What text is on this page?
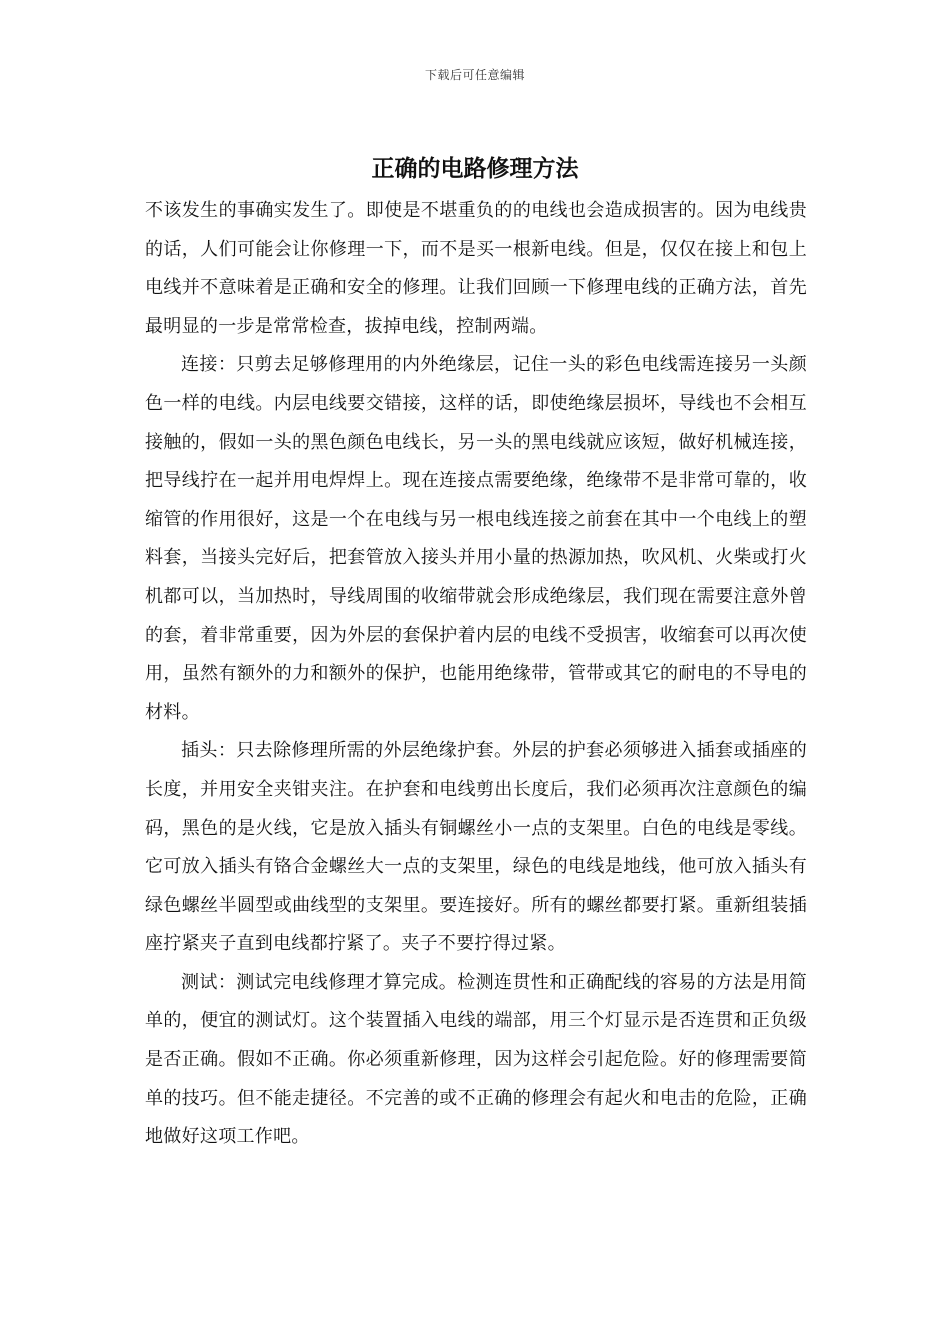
下载后可任意编辑
正确的电路修理方法

不该发生的事确实发生了。即使是不堪重负的的电线也会造成损害的。因为电线贵的话，人们可能会让你修理一下，而不是买一根新电线。但是，仅仅在接上和包上电线并不意味着是正确和安全的修理。让我们回顾一下修理电线的正确方法，首先最明显的一步是常常检查，拔掉电线，控制两端。

连接：只剪去足够修理用的内外绝缘层，记住一头的彩色电线需连接另一头颜色一样的电线。内层电线要交错接，这样的话，即使绝缘层损坏，导线也不会相互接触的，假如一头的黑色颜色电线长，另一头的黑电线就应该短，做好机械连接，把导线拧在一起并用电焊焊上。现在连接点需要绝缘，绝缘带不是非常可靠的，收缩管的作用很好，这是一个在电线与另一根电线连接之前套在其中一个电线上的塑料套，当接头完好后，把套管放入接头并用小量的热源加热，吹风机、火柴或打火机都可以，当加热时，导线周围的收缩带就会形成绝缘层，我们现在需要注意外曾的套，着非常重要，因为外层的套保护着内层的电线不受损害，收缩套可以再次使用，虽然有额外的力和额外的保护，也能用绝缘带，管带或其它的耐电的不导电的材料。

插头：只去除修理所需的外层绝缘护套。外层的护套必须够进入插套或插座的长度，并用安全夹钳夹注。在护套和电线剪出长度后，我们必须再次注意颜色的编码，黑色的是火线，它是放入插头有铜螺丝小一点的支架里。白色的电线是零线。它可放入插头有铬合金螺丝大一点的支架里，绿色的电线是地线，他可放入插头有绿色螺丝半圆型或曲线型的支架里。要连接好。所有的螺丝都要打紧。重新组装插座拧紧夹子直到电线都拧紧了。夹子不要拧得过紧。

测试：测试完电线修理才算完成。检测连贯性和正确配线的容易的方法是用简单的，便宜的测试灯。这个装置插入电线的端部，用三个灯显示是否连贯和正负级是否正确。假如不正确。你必须重新修理，因为这样会引起危险。好的修理需要简单的技巧。但不能走捷径。不完善的或不正确的修理会有起火和电击的危险，正确地做好这项工作吧。
